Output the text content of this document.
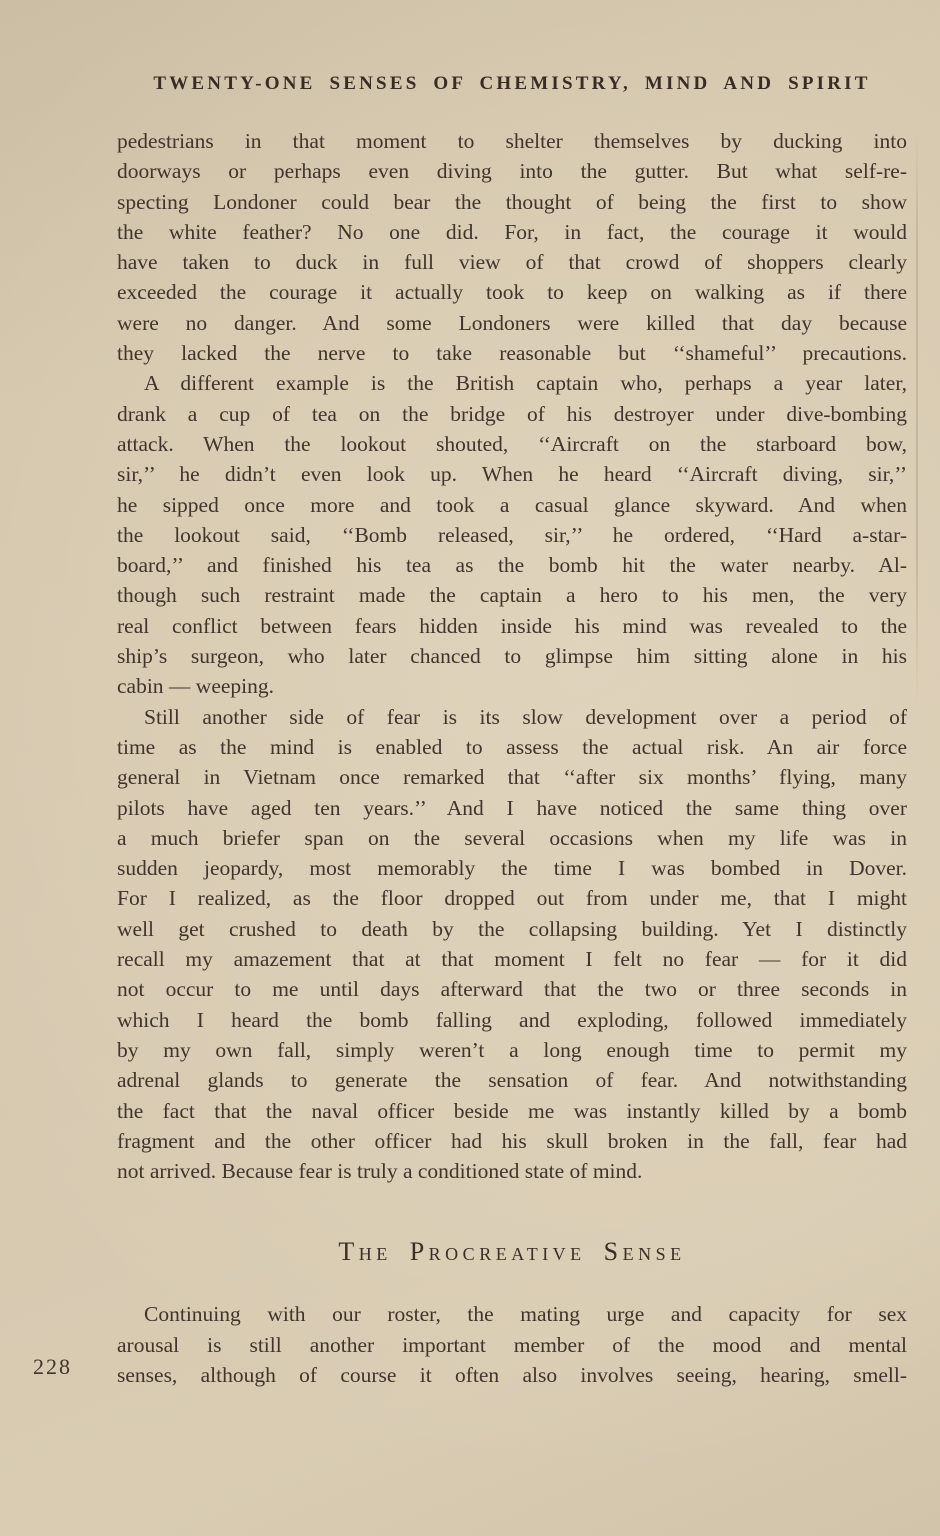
TWENTY-ONE SENSES OF CHEMISTRY, MIND AND SPIRIT
pedestrians in that moment to shelter themselves by ducking into
doorways or perhaps even diving into the gutter. But what self-re-
specting Londoner could bear the thought of being the first to show
the white feather? No one did. For, in fact, the courage it would
have taken to duck in full view of that crowd of shoppers clearly
exceeded the courage it actually took to keep on walking as if there
were no danger. And some Londoners were killed that day because
they lacked the nerve to take reasonable but ‘‘shameful’’ precautions.
A different example is the British captain who, perhaps a year later,
drank a cup of tea on the bridge of his destroyer under dive-bombing
attack. When the lookout shouted, ‘‘Aircraft on the starboard bow,
sir,’’ he didn’t even look up. When he heard ‘‘Aircraft diving, sir,’’
he sipped once more and took a casual glance skyward. And when
the lookout said, ‘‘Bomb released, sir,’’ he ordered, ‘‘Hard a-star-
board,’’ and finished his tea as the bomb hit the water nearby. Al-
though such restraint made the captain a hero to his men, the very
real conflict between fears hidden inside his mind was revealed to the
ship’s surgeon, who later chanced to glimpse him sitting alone in his
cabin — weeping.
Still another side of fear is its slow development over a period of
time as the mind is enabled to assess the actual risk. An air force
general in Vietnam once remarked that ‘‘after six months’ flying, many
pilots have aged ten years.’’ And I have noticed the same thing over
a much briefer span on the several occasions when my life was in
sudden jeopardy, most memorably the time I was bombed in Dover.
For I realized, as the floor dropped out from under me, that I might
well get crushed to death by the collapsing building. Yet I distinctly
recall my amazement that at that moment I felt no fear — for it did
not occur to me until days afterward that the two or three seconds in
which I heard the bomb falling and exploding, followed immediately
by my own fall, simply weren’t a long enough time to permit my
adrenal glands to generate the sensation of fear. And notwithstanding
the fact that the naval officer beside me was instantly killed by a bomb
fragment and the other officer had his skull broken in the fall, fear had
not arrived. Because fear is truly a conditioned state of mind.
The Procreative Sense
Continuing with our roster, the mating urge and capacity for sex
arousal is still another important member of the mood and mental
senses, although of course it often also involves seeing, hearing, smell-
228
